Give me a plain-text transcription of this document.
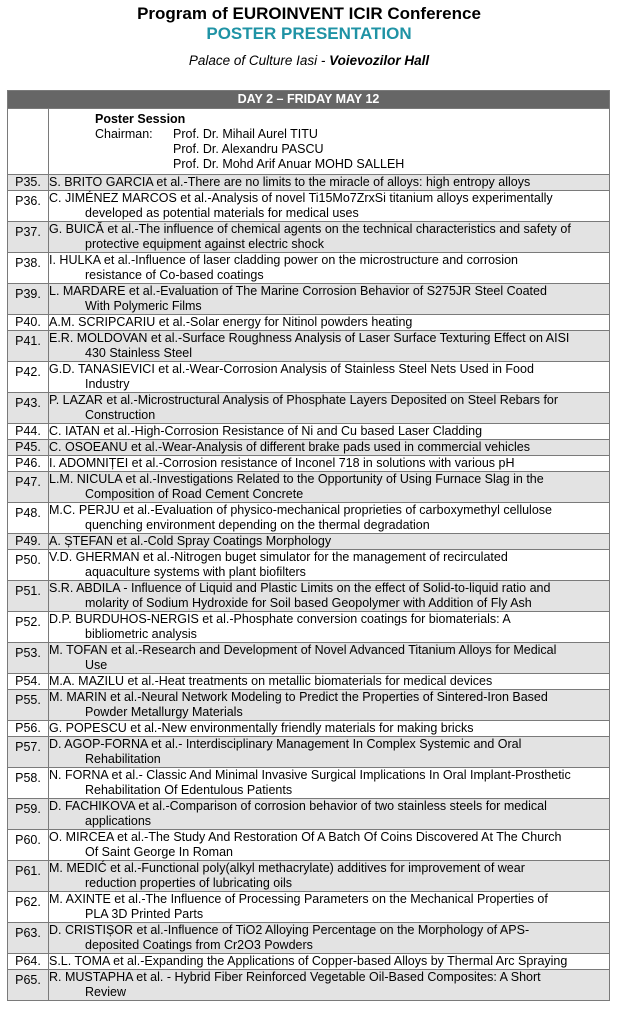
Program of EUROINVENT ICIR Conference
POSTER PRESENTATION
Palace of Culture Iasi - Voievozilor Hall
DAY 2 – FRIDAY MAY 12	

	Poster Session
Chairman: Prof. Dr. Mihail Aurel TITU
Prof. Dr. Alexandru PASCU
Prof. Dr. Mohd Arif Anuar MOHD SALLEH

P35.	S. BRITO GARCIA et al.-There are no limits to the miracle of alloys: high entropy alloys

P36.	C. JIMÉNEZ MARCOS et al.-Analysis of novel Ti15Mo7ZrxSi titanium alloys experimentally
developed as potential materials for medical uses

P37.	G. BUICĂ et al.-The influence of chemical agents on the technical characteristics and safety of
protective equipment against electric shock

P38.	I. HULKA et al.-Influence of laser cladding power on the microstructure and corrosion
resistance of Co-based coatings

P39.	L. MARDARE et al.-Evaluation of The Marine Corrosion Behavior of S275JR Steel Coated
With Polymeric Films

P40.	A.M. SCRIPCARIU et al.-Solar energy for Nitinol powders heating

P41.	E.R. MOLDOVAN et al.-Surface Roughness Analysis of Laser Surface Texturing Effect on AISI
430 Stainless Steel

P42.	G.D. TANASIEVICI et al.-Wear-Corrosion Analysis of Stainless Steel Nets Used in Food
Industry

P43.	P. LAZAR et al.-Microstructural Analysis of Phosphate Layers Deposited on Steel Rebars for
Construction

P44.	C. IATAN et al.-High-Corrosion Resistance of Ni and Cu based Laser Cladding

P45.	C. OSOEANU et al.-Wear-Analysis of different brake pads used in commercial vehicles

P46.	I. ADOMNIȚEI et al.-Corrosion resistance of Inconel 718 in solutions with various pH

P47.	L.M. NICULA et al.-Investigations Related to the Opportunity of Using Furnace Slag in the
Composition of Road Cement Concrete

P48.	M.C. PERJU et al.-Evaluation of physico-mechanical proprieties of carboxymethyl cellulose
quenching environment depending on the thermal degradation

P49.	A. ȘTEFAN et al.-Cold Spray Coatings Morphology

P50.	V.D. GHERMAN et al.-Nitrogen buget simulator for the management of recirculated
aquaculture systems with plant biofilters

P51.	S.R. ABDILA - Influence of Liquid and Plastic Limits on the effect of Solid-to-liquid ratio and
molarity of Sodium Hydroxide for Soil based Geopolymer with Addition of Fly Ash

P52.	D.P. BURDUHOS-NERGIS et al.-Phosphate conversion coatings for biomaterials: A
bibliometric analysis

P53.	M. TOFAN et al.-Research and Development of Novel Advanced Titanium Alloys for Medical
Use

P54.	M.A. MAZILU et al.-Heat treatments on metallic biomaterials for medical devices

P55.	M. MARIN et al.-Neural Network Modeling to Predict the Properties of Sintered-Iron Based
Powder Metallurgy Materials

P56.	G. POPESCU et al.-New environmentally friendly materials for making bricks

P57.	D. AGOP-FORNA et al.- Interdisciplinary Management In Complex Systemic and Oral
Rehabilitation

P58.	N. FORNA et al.- Classic And Minimal Invasive Surgical Implications In Oral Implant-Prosthetic
Rehabilitation Of Edentulous Patients

P59.	D. FACHIKOVA et al.-Comparison of corrosion behavior of two stainless steels for medical
applications

P60.	O. MIRCEA et al.-The Study And Restoration Of A Batch Of Coins Discovered At The Church
Of Saint George In Roman

P61.	M. MEDIĆ et al.-Functional poly(alkyl methacrylate) additives for improvement of wear
reduction properties of lubricating oils

P62.	M. AXINTE et al.-The Influence of Processing Parameters on the Mechanical Properties of
PLA 3D Printed Parts

P63.	D. CRISTIȘOR et al.-Influence of TiO2 Alloying Percentage on the Morphology of APS-
deposited Coatings from Cr2O3 Powders

P64.	S.L. TOMA et al.-Expanding the Applications of Copper-based Alloys by Thermal Arc Spraying

P65.	R. MUSTAPHA et al. - Hybrid Fiber Reinforced Vegetable Oil-Based Composites: A Short
Review
